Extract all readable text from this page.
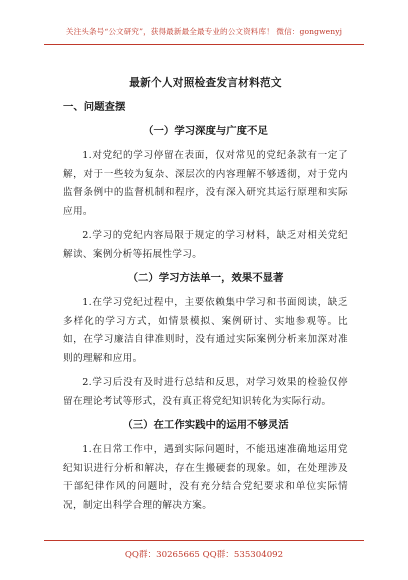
关注头条号“公文研究”，获得最新最全最专业的公文资料库！ 微信：gongwenyj
最新个人对照检查发言材料范文
一、问题查摆
（一）学习深度与广度不足

1.对党纪的学习停留在表面，仅对常见的党纪条款有一定了解，对于一些较为复杂、深层次的内容理解不够透彻，对于党内监督条例中的监督机制和程序，没有深入研究其运行原理和实际应用。

2.学习的党纪内容局限于规定的学习材料，缺乏对相关党纪解读、案例分析等拓展性学习。

（二）学习方法单一，效果不显著

1.在学习党纪过程中，主要依赖集中学习和书面阅读，缺乏多样化的学习方式，如情景模拟、案例研讨、实地参观等。比如，在学习廉洁自律准则时，没有通过实际案例分析来加深对准则的理解和应用。

2.学习后没有及时进行总结和反思，对学习效果的检验仅停留在理论考试等形式，没有真正将党纪知识转化为实际行动。

（三）在工作实践中的运用不够灵活

1.在日常工作中，遇到实际问题时，不能迅速准确地运用党纪知识进行分析和解决，存在生搬硬套的现象。如，在处理涉及干部纪律作风的问题时，没有充分结合党纪要求和单位实际情况，制定出科学合理的解决方案。

QQ群：30265665 QQ群：535304092
